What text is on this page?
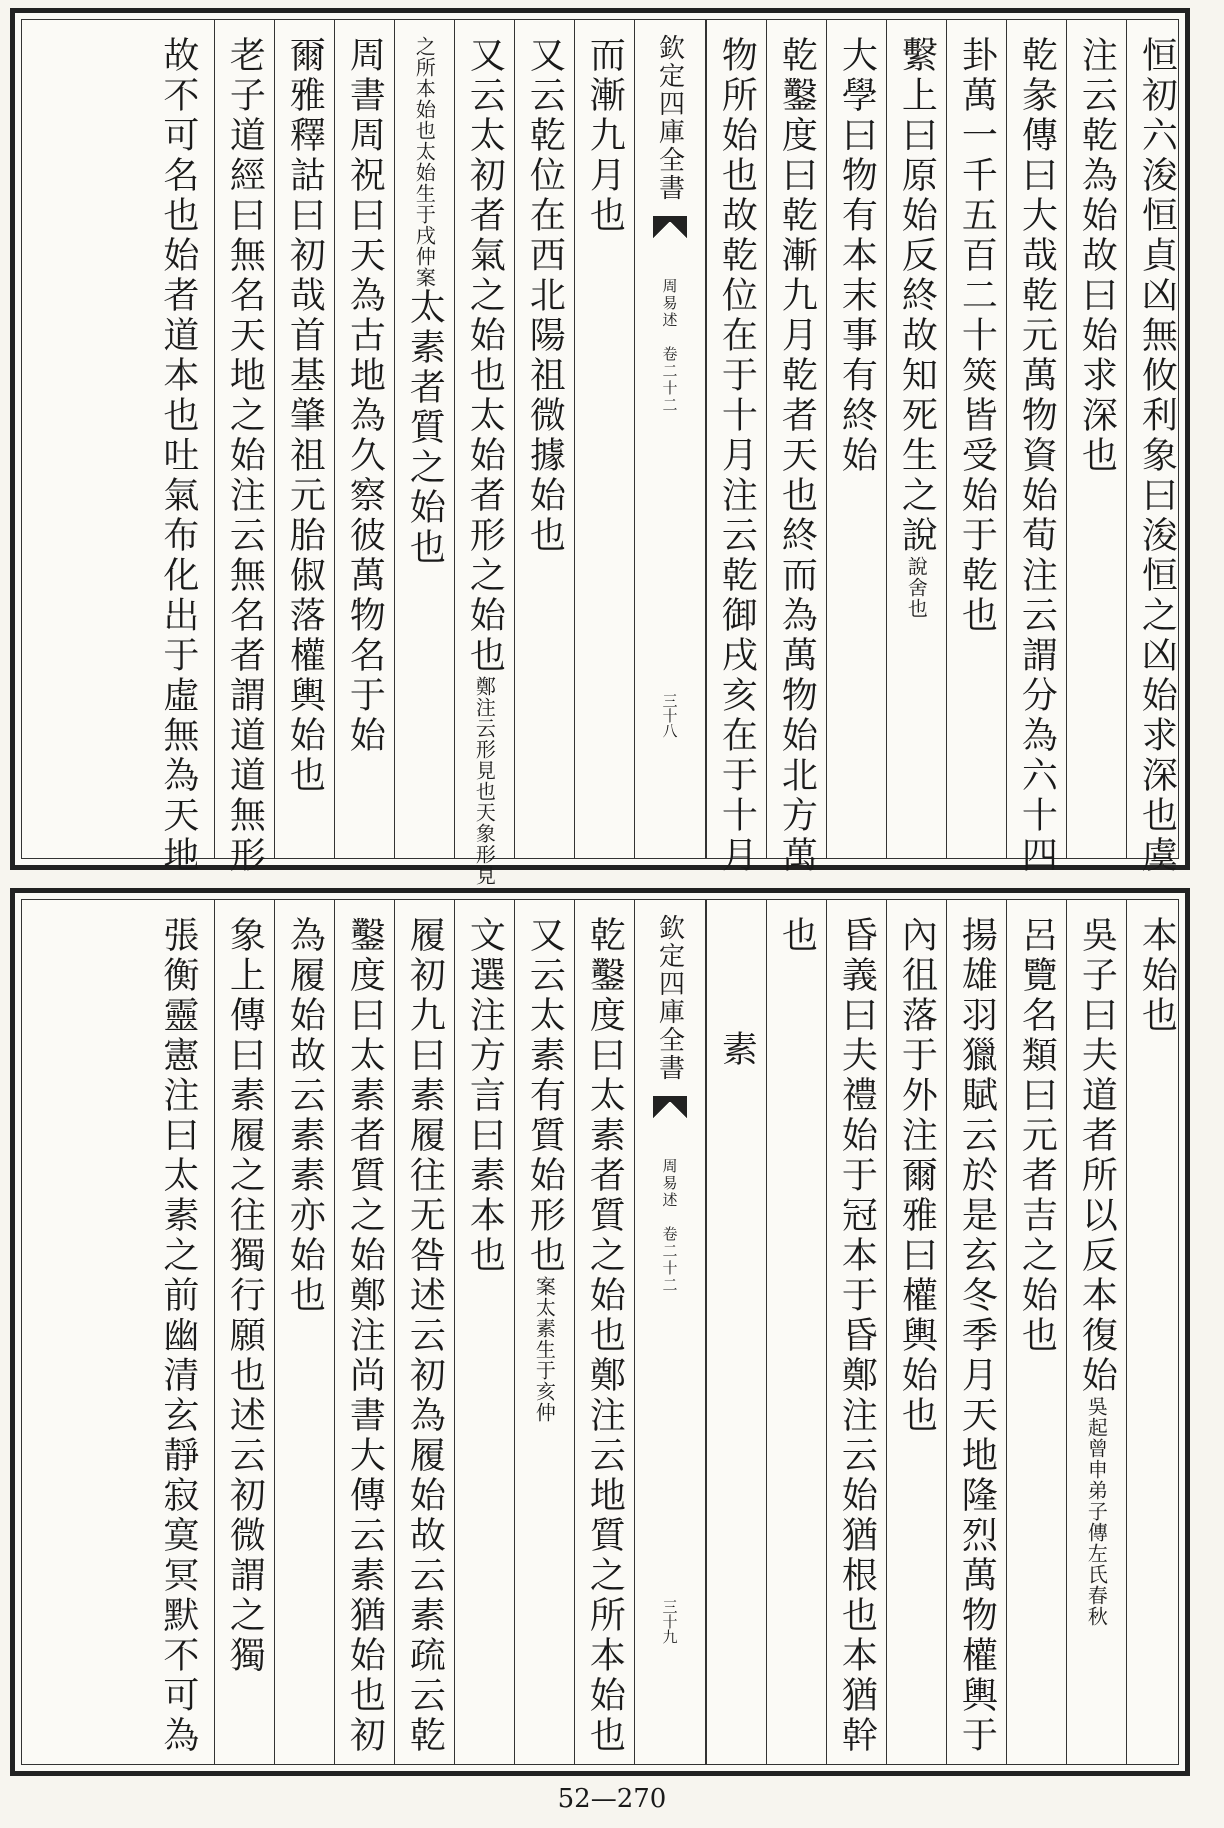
恒初六浚恒貞凶無攸利象曰浚恒之凶始求深也虞
注云乾為始故曰始求深也
乾彖傳曰大哉乾元萬物資始荀注云謂分為六十四
卦萬一千五百二十筴皆受始于乾也
繫上曰原始反終故知死生之說說舍也
大學曰物有本末事有終始
乾鑿度曰乾漸九月乾者天也終而為萬物始北方萬
物所始也故乾位在于十月注云乾御戌亥在于十月
欽定四庫全書
周易述　卷二十二
三十八
而漸九月也
又云乾位在西北陽祖微據始也
又云太初者氣之始也太始者形之始也鄭注云形見也天象形見
之所本始也太始生于戌仲案太素者質之始也
周書周祝曰天為古地為久察彼萬物名于始
爾雅釋詁曰初哉首基肇祖元胎俶落權輿始也
老子道經曰無名天地之始注云無名者謂道道無形
故不可名也始者道本也吐氣布化出于虛無為天地
本始也
吳子曰夫道者所以反本復始吳起曾申弟子傳左氏春秋
呂覽名類曰元者吉之始也
揚雄羽獵賦云於是玄冬季月天地隆烈萬物權輿于
內徂落于外注爾雅曰權輿始也
昏義曰夫禮始于冠本于昏鄭注云始猶根也本猶幹
也
素
欽定四庫全書
周易述　卷二十二
三十九
乾鑿度曰太素者質之始也鄭注云地質之所本始也
又云太素有質始形也案太素生于亥仲
文選注方言曰素本也
履初九曰素履往无咎述云初為履始故云素疏云乾
鑿度曰太素者質之始鄭注尚書大傳云素猶始也初
為履始故云素素亦始也
象上傳曰素履之往獨行願也述云初微謂之獨
張衡靈憲注曰太素之前幽清玄靜寂寞冥默不可為
52—270
